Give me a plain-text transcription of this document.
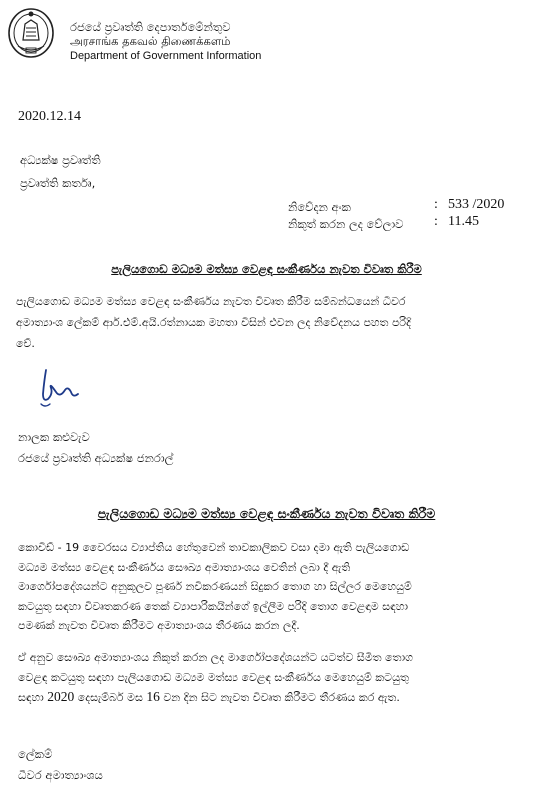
රජයේ ප්‍රවෘත්ති දෙපාර්තමේන්තුව
அரசாங்க தகவல் திணைக்களம்
Department of Government Information
2020.12.14
අධ්‍යක්ෂ ප්‍රවෘත්ති
ප්‍රවෘත්ති කර්තෘ,
නිවේදන අංක	: 533 /2020
නිකුත් කරන ලද වේලාව : 11.45
පැලියගොඩ මධ්‍යම මත්ස්‍ය වෙළඳ සංකීර්ණය නැවත විවෘත කිරීම
පැලියගොඩ මධ්‍යම මත්ස්‍ය වෙළඳ සංකීර්ණය නැවත විවෘත කිරීම සම්බන්ධයෙන් ධීවර
අමාත්‍යාංශ ලේකම් ආර්.එම්.අයි.රත්නායක මහතා විසින් එවන ලද නිවේදනය පහත පරිදි
වේ.
නාලක කළුවැව
රජයේ ප්‍රවෘත්ති අධ්‍යක්ෂ ජනරාල්
පැලියගොඩ මධ්‍යම මත්ස්‍ය වෙළඳ සංකීර්ණය නැවත විවෘත කිරීම
කොවිඩ් - 19 වෛරසය ව්‍යාප්තිය හේතුවෙන් තාවකාලිකව වසා දමා ඇති පැලියගොඩ
මධ්‍යම මත්ස්‍ය වෙළඳ සංකීර්ණය සෞඛ්‍ය අමාත්‍යාංශය වෙතින් ලබා දී ඇති
මාර්ගෝපදේශයන්ට අනුකූලව පූර්ණ නවීකරණයන් සිදුකර තොග හා සිල්ලර මෙහෙයුම්
කටයුතු සඳහා විවෘතකරණ තෙක් ව්‍යාපාරිකයින්ගේ ඉල්ලීම පරිදි තොග වෙළඳාම සඳහා
පමණක් නැවත විවෘත කිරීමට අමාත්‍යාංශය තීරණය කරන ලදී.
ඒ අනුව සෞඛ්‍ය අමාත්‍යාංශය නිකුත් කරන ලද මාර්ගෝපදේශයන්ට යටත්ව සීමිත තොග
වෙළඳ කටයුතු සඳහා පැලියගොඩ මධ්‍යම මත්ස්‍ය වෙළඳ සංකීර්ණය මෙහෙයුම් කටයුතු
සඳහා 2020 දෙසැම්බර් මස 16 වන දින සිට නැවත විවෘත කිරීමට තීරණය කර ඇත.
ලේකම්
ධීවර අමාත්‍යාංශය
